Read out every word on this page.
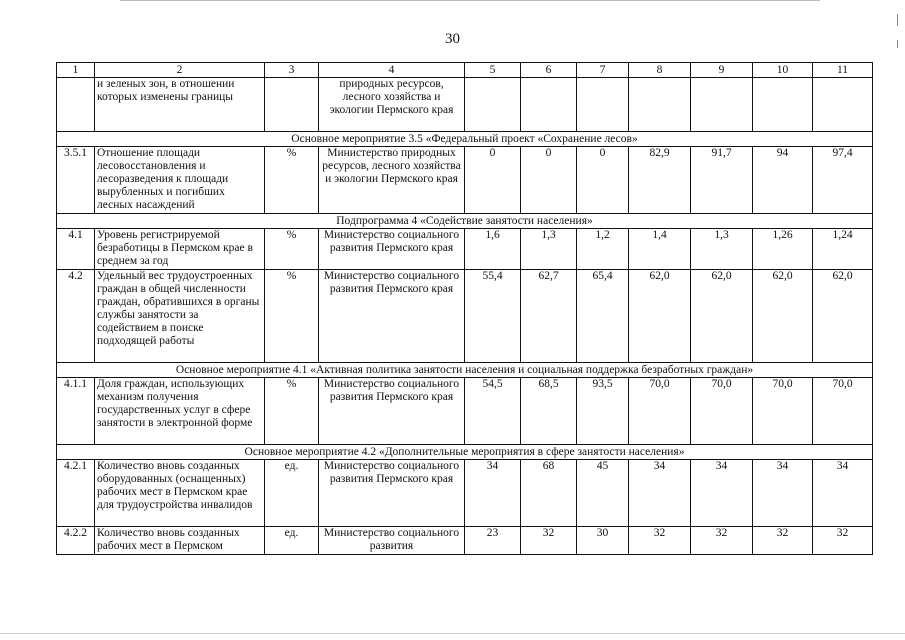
30
1	2	3	4	5	6	7	8	9	10	11
	и зеленых зон, в отношении которых изменены границы		природных ресурсов, лесного хозяйства и экологии Пермского края							
Основное мероприятие 3.5 «Федеральный проект «Сохранение лесов»										
3.5.1	Отношение площади лесовосстановления и лесоразведения к площади вырубленных и погибших лесных насаждений	%	Министерство природных ресурсов, лесного хозяйства и экологии Пермского края	0	0	0	82,9	91,7	94	97,4
Подпрограмма 4 «Содействие занятости населения»										
4.1	Уровень регистрируемой безработицы в Пермском крае в среднем за год	%	Министерство социального развития Пермского края	1,6	1,3	1,2	1,4	1,3	1,26	1,24
4.2	Удельный вес трудоустроенных граждан в общей численности граждан, обратившихся в органы службы занятости за содействием в поиске подходящей работы	%	Министерство социального развития Пермского края	55,4	62,7	65,4	62,0	62,0	62,0	62,0
Основное мероприятие 4.1 «Активная политика занятости населения и социальная поддержка безработных граждан»										
4.1.1	Доля граждан, использующих механизм получения государственных услуг в сфере занятости в электронной форме	%	Министерство социального развития Пермского края	54,5	68,5	93,5	70,0	70,0	70,0	70,0
Основное мероприятие 4.2 «Дополнительные мероприятия в сфере занятости населения»										
4.2.1	Количество вновь созданных оборудованных (оснащенных) рабочих мест в Пермском крае для трудоустройства инвалидов	ед.	Министерство социального развития Пермского края	34	68	45	34	34	34	34
4.2.2	Количество вновь созданных рабочих мест в Пермском	ед.	Министерство социального развития	23	32	30	32	32	32	32
